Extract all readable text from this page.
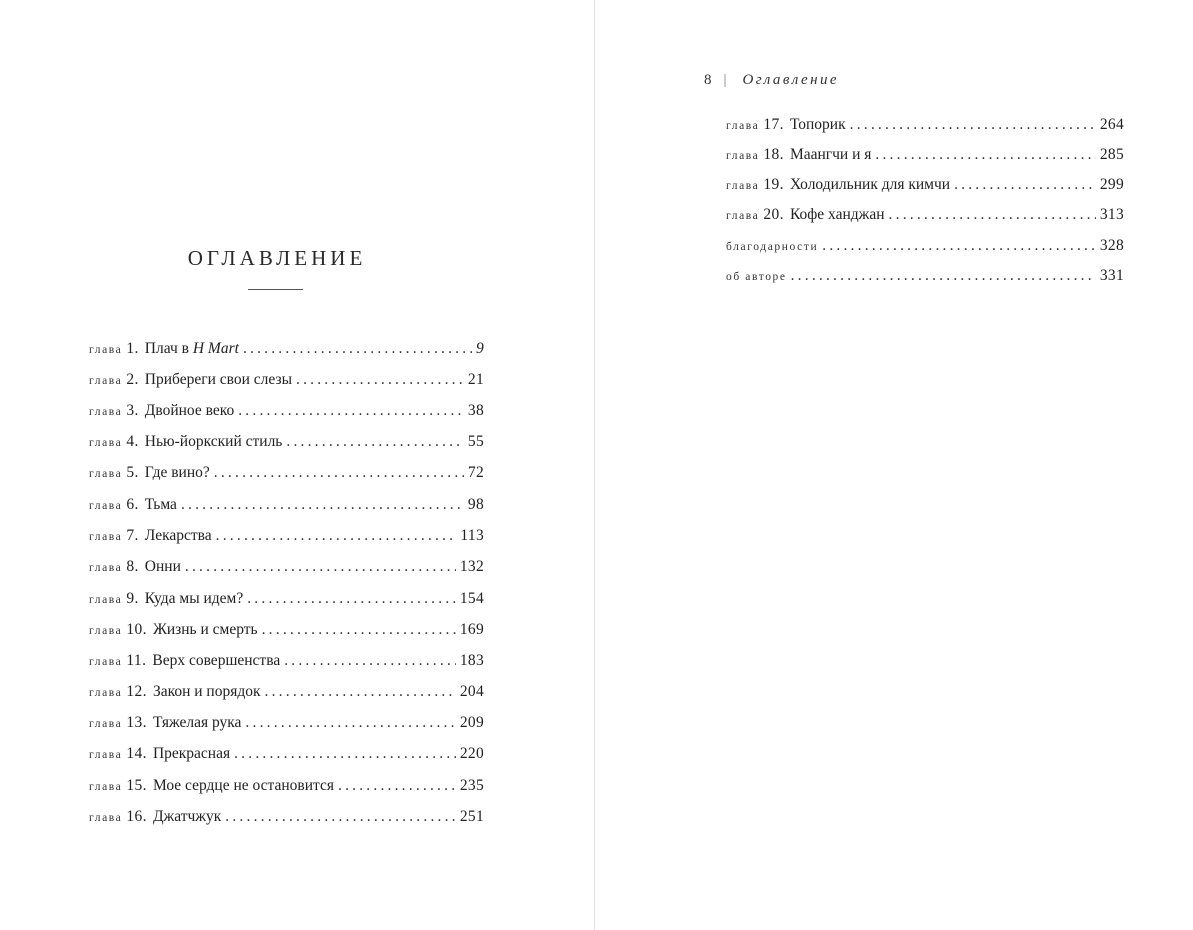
ОГЛАВЛЕНИЕ
глава 1. Плач в H Mart .....	9
глава 2. Прибереги свои слезы .....	21
глава 3. Двойное веко .....	38
глава 4. Нью-йоркский стиль .....	55
глава 5. Где вино? .....	72
глава 6. Тьма .....	98
глава 7. Лекарства .....	113
глава 8. Онни .....	132
глава 9. Куда мы идем? .....	154
глава 10. Жизнь и смерть .....	169
глава 11. Верх совершенства .....	183
глава 12. Закон и порядок .....	204
глава 13. Тяжелая рука .....	209
глава 14. Прекрасная .....	220
глава 15. Мое сердце не остановится .....	235
глава 16. Джатчжук .....	251
8 | Оглавление
глава 17. Топорик .....	264
глава 18. Маангчи и я .....	285
глава 19. Холодильник для кимчи .....	299
глава 20. Кофе ханджан .....	313
благодарности .....	328
об авторе .....	331
